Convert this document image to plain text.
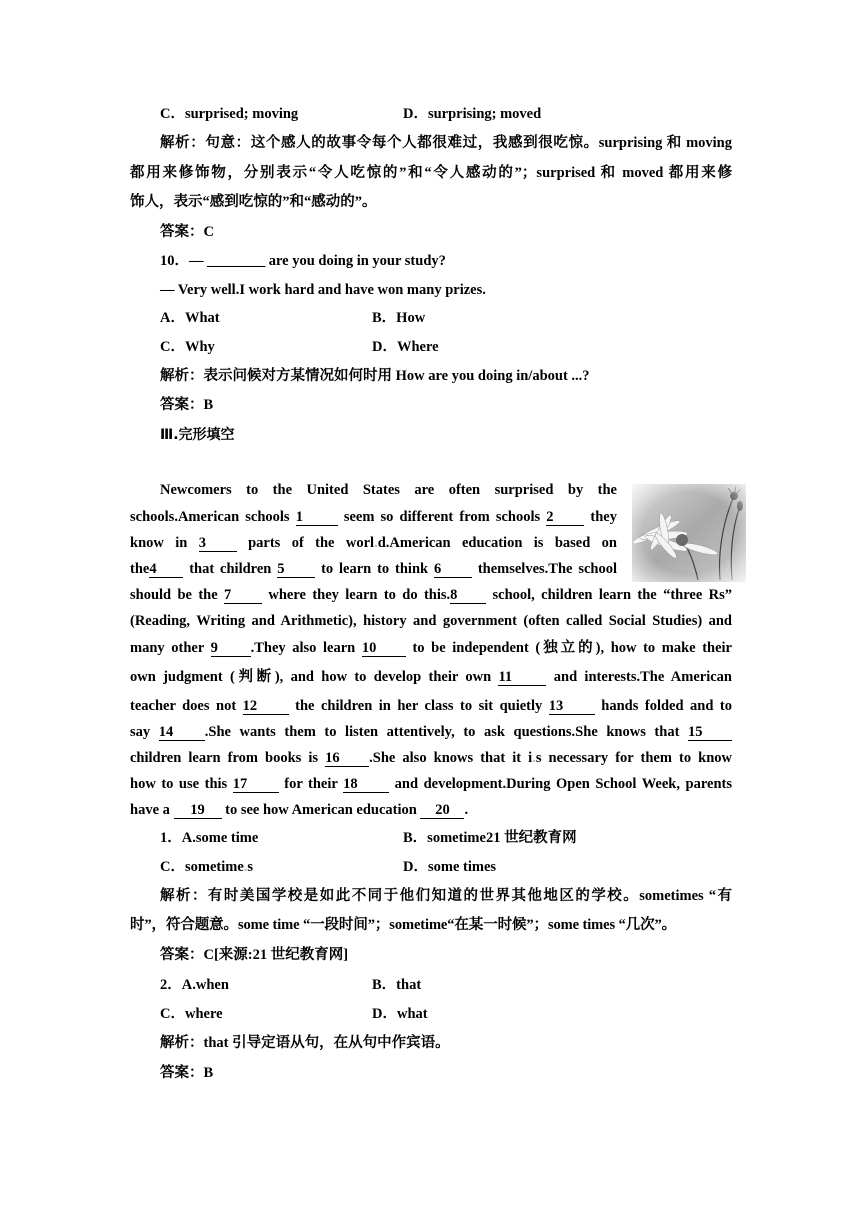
C．surprised; moving	D．surprising; moved
解析：句意：这个感人的故事令每个人都很难过，我感到很吃惊。surprising 和 moving
都用来修饰物，分别表示“令人吃惊的”和“令人感动的”；surprised 和 moved 都用来修
饰人，表示“感到吃惊的”和“感动的”。
答案：C
10．— ________ are you doing in your study?
— Very well.I work hard and have won many prizes.
A．What	B．How
C．Why	D．Where
解析：表示问候对方某情况如何时用 How are you doing in/about ...?
答案：B
Ⅲ.完形填空
Newcomers to the United States are often surprised by the
schools.American schools 1 seem so different from schools 2 they
know in 3 parts of the worl.d.American education is based on
the4 that children 5 to learn to think 6 themselves.The school
should be the 7 where they learn to do this.8 school, children learn the “three Rs”
(Reading, Writing and Arithmetic), history and government (often called Social Studies) and
many other 9 .They also learn 10 to be independent (独立的), how to make their
own judgment (判断), and how to develop their own 11 and interests.The American
teacher does not 12 the children in her class to sit quietly 13 hands folded and to
say 14 .She wants them to listen attentively, to ask questions.She knows that 15
children learn from books is 16 .She also knows that it i.s necessary for them to know
how to use this 17 for their 18 and development.During Open School Week, parents
have a 19 to see how American education 20 .
1．A.some time	B．sometime21 世纪教育网
C．sometime.s	D．some times
解析：有时美国学校是如此不同于他们知道的世界其他地区的学校。sometimes “有
时”，符合题意。some time “一段时间”；sometime“在某一时候”；some times “几次”。
答案：C[来源:21 世纪教育网]
2．A.when	B．that
C．where	D．what
解析：that 引导定语从句，在从句中作宾语。
答案：B
